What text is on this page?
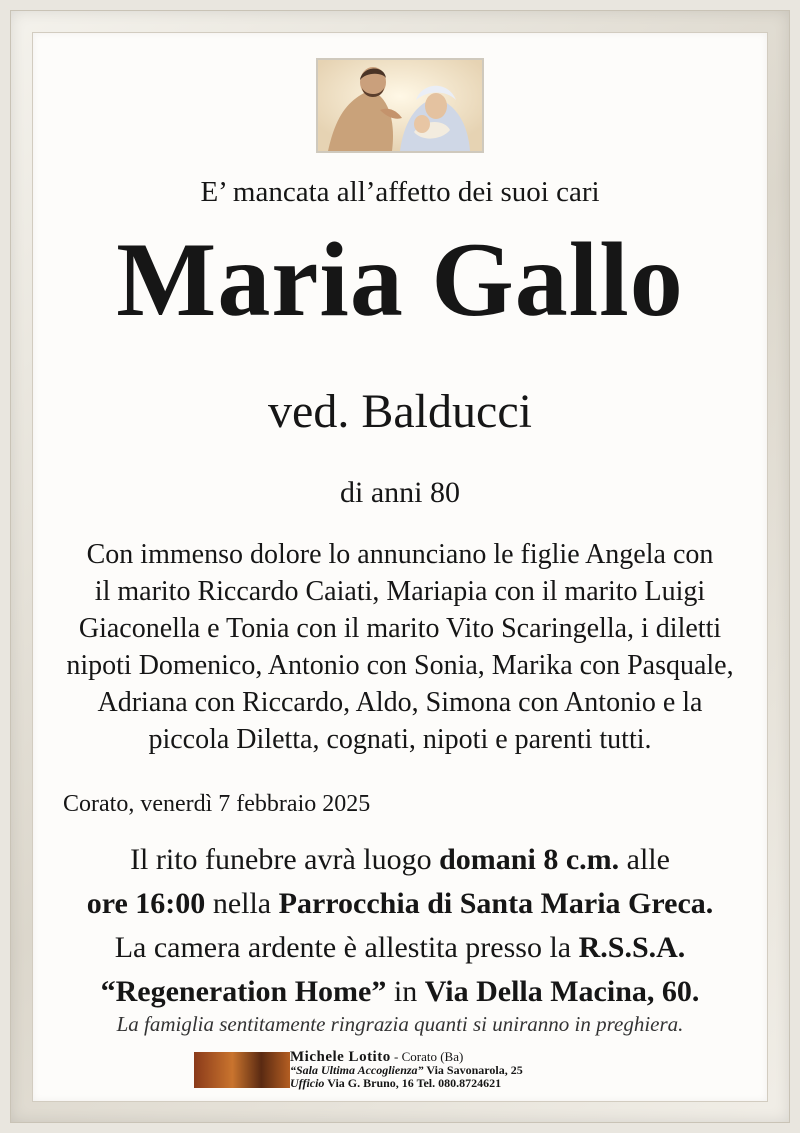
E’ mancata all’affetto dei suoi cari
Maria Gallo
ved. Balducci
di anni 80
Con immenso dolore lo annunciano le figlie Angela con
il marito Riccardo Caiati, Mariapia con il marito Luigi
Giaconella e Tonia con il marito Vito Scaringella, i diletti
nipoti Domenico, Antonio con Sonia, Marika con Pasquale,
Adriana con Riccardo, Aldo, Simona con Antonio e la
piccola Diletta, cognati, nipoti e parenti tutti.
Corato, venerdì 7 febbraio 2025
Il rito funebre avrà luogo domani 8 c.m. alle
ore 16:00 nella Parrocchia di Santa Maria Greca.
La camera ardente è allestita presso la R.S.S.A.
“Regeneration Home” in Via Della Macina, 60.
La famiglia sentitamente ringrazia quanti si uniranno in preghiera.
Michele Lotito - Corato (Ba)
“Sala Ultima Accoglienza” Via Savonarola, 25
Ufficio Via G. Bruno, 16 Tel. 080.8724621
